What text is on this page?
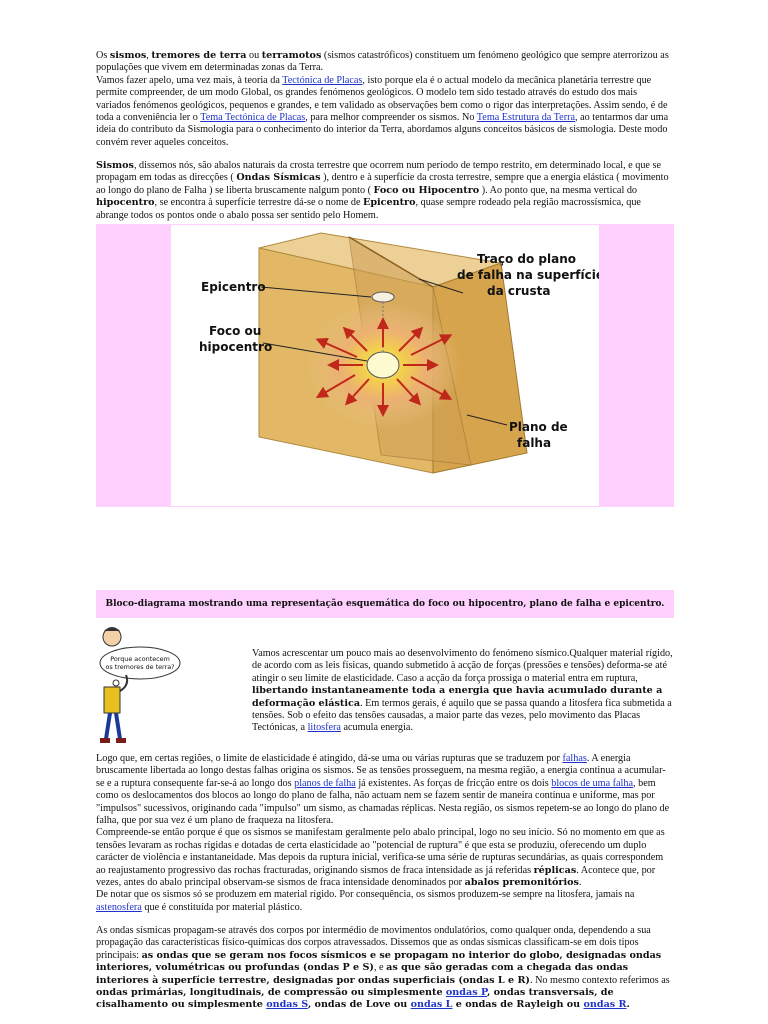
Os sismos, tremores de terra ou terramotos (sismos catastróficos) constituem um fenómeno geológico que sempre aterrorizou as populações que vivem em determinadas zonas da Terra.
Vamos fazer apelo, uma vez mais, à teoria da Tectónica de Placas, isto porque ela é o actual modelo da mecânica planetária terrestre que permite compreender, de um modo Global, os grandes fenómenos geológicos. O modelo tem sido testado através do estudo dos mais variados fenómenos geológicos, pequenos e grandes, e tem validado as observações bem como o rigor das interpretações. Assim sendo, é de toda a conveniência ler o Tema Tectónica de Placas, para melhor compreender os sismos. No Tema Estrutura da Terra, ao tentarmos dar uma ideia do contributo da Sismologia para o conhecimento do interior da Terra, abordamos alguns conceitos básicos de sismologia. Deste modo convém rever aqueles conceitos.

Sismos, dissemos nós, são abalos naturais da crosta terrestre que ocorrem num período de tempo restrito, em determinado local, e que se propagam em todas as direcções ( Ondas Sísmicas ), dentro e à superfície da crosta terrestre, sempre que a energia elástica ( movimento ao longo do plano de Falha ) se liberta bruscamente nalgum ponto ( Foco ou Hipocentro ). Ao ponto que, na mesma vertical do hipocentro, se encontra à superfície terrestre dá-se o nome de Epicentro, quase sempre rodeado pela região macrossísmica, que abrange todos os pontos onde o abalo possa ser sentido pelo Homem.

Epicentro
Foco ou
hipocentro
Traço do plano
de falha na superfície
da crusta
Plano de
falha
Bloco-diagrama mostrando uma representação esquemática do foco ou hipocentro, plano de falha e epicentro.
Porque acontecem
os tremores de terra?

Vamos acrescentar um pouco mais ao desenvolvimento do fenómeno sísmico.Qualquer material rígido, de acordo com as leis físicas, quando submetido à acção de forças (pressões e tensões) deforma-se até atingir o seu limite de elasticidade. Caso a acção da força prossiga o material entra em ruptura, libertando instantaneamente toda a energia que havia acumulado durante a deformação elástica. Em termos gerais, é aquilo que se passa quando a litosfera fica submetida a tensões. Sob o efeito das tensões causadas, a maior parte das vezes, pelo movimento das Placas Tectónicas, a litosfera acumula energia.

Logo que, em certas regiões, o limite de elasticidade é atingido, dá-se uma ou várias rupturas que se traduzem por falhas. A energia bruscamente libertada ao longo destas falhas origina os sismos. Se as tensões prosseguem, na mesma região, a energia continua a acumular-se e a ruptura consequente far-se-á ao longo dos planos de falha já existentes. As forças de fricção entre os dois blocos de uma falha, bem como os deslocamentos dos blocos ao longo do plano de falha, não actuam nem se fazem sentir de maneira contínua e uniforme, mas por "impulsos" sucessivos, originando cada "impulso" um sismo, as chamadas réplicas. Nesta região, os sismos repetem-se ao longo do plano de falha, que por sua vez é um plano de fraqueza na litosfera.
Compreende-se então porque é que os sismos se manifestam geralmente pelo abalo principal, logo no seu início. Só no momento em que as tensões levaram as rochas rígidas e dotadas de certa elasticidade ao "potencial de ruptura" é que esta se produziu, oferecendo um duplo carácter de violência e instantaneidade. Mas depois da ruptura inicial, verifica-se uma série de rupturas secundárias, as quais correspondem ao reajustamento progressivo das rochas fracturadas, originando sismos de fraca intensidade as já referidas réplicas. Acontece que, por vezes, antes do abalo principal observam-se sismos de fraca intensidade denominados por abalos premonitórios.
De notar que os sismos só se produzem em material rígido. Por consequência, os sismos produzem-se sempre na litosfera, jamais na astenosfera que é constituída por material plástico.

As ondas sísmicas propagam-se através dos corpos por intermédio de movimentos ondulatórios, como qualquer onda, dependendo a sua propagação das características físico-químicas dos corpos atravessados. Dissemos que as ondas sísmicas classificam-se em dois tipos principais: as ondas que se geram nos focos sísmicos e se propagam no interior do globo, designadas ondas interiores, volumétricas ou profundas (ondas P e S), e as que são geradas com a chegada das ondas interiores à superfície terrestre, designadas por ondas superficiais (ondas L e R). No mesmo contexto referimos as ondas primárias, longitudinais, de compressão ou simplesmente ondas P, ondas transversais, de cisalhamento ou simplesmente ondas S, ondas de Love ou ondas L e ondas de Rayleigh ou ondas R.
